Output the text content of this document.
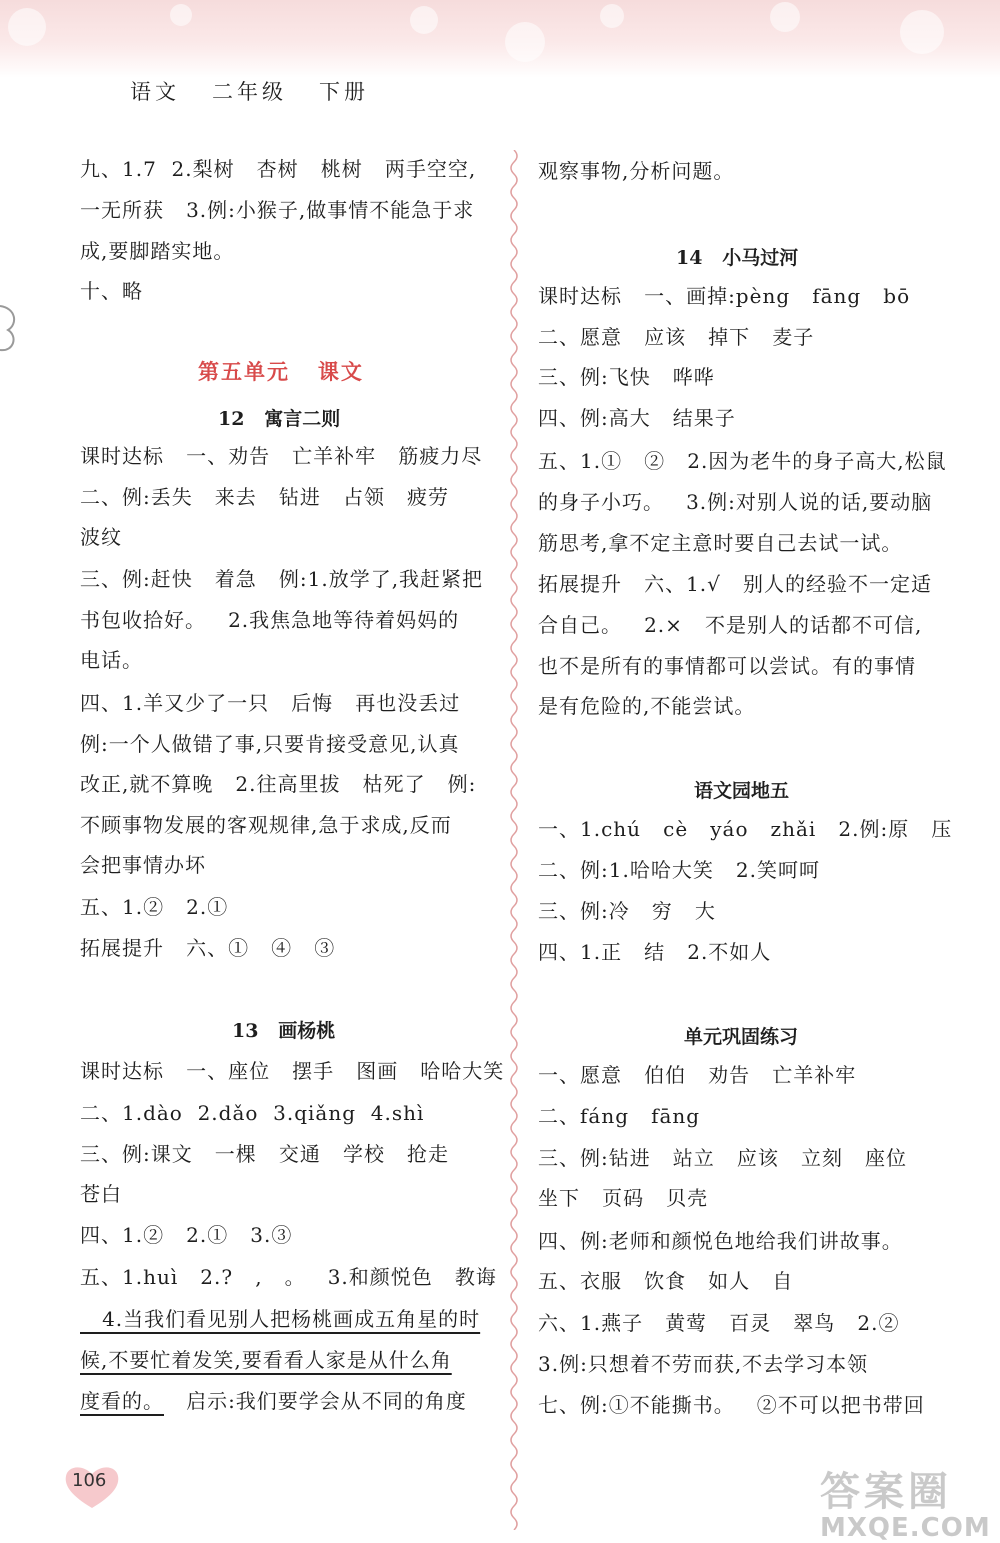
语文   二年级   下册
九、1.7  2.梨树   杏树   桃树   两手空空,
一无所获   3.例:小猴子,做事情不能急于求
成,要脚踏实地。
十、略
第五单元   课文
12   寓言二则
课时达标   一、劝告   亡羊补牢   筋疲力尽
二、例:丢失   来去   钻进   占领   疲劳
波纹
三、例:赶快   着急   例:1.放学了,我赶紧把
书包收拾好。   2.我焦急地等待着妈妈的
电话。
四、1.羊又少了一只   后悔   再也没丢过
例:一个人做错了事,只要肯接受意见,认真
改正,就不算晚   2.往高里拔   枯死了   例:
不顾事物发展的客观规律,急于求成,反而
会把事情办坏
五、1.②   2.①
拓展提升   六、①   ④   ③
13   画杨桃
课时达标   一、座位   摆手   图画   哈哈大笑
二、1.dào  2.dǎo  3.qiǎng  4.shì
三、例:课文   一棵   交通   学校   抢走
苍白
四、1.②   2.①   3.③
五、1.huì   2.?   ,   。   3.和颜悦色   教诲
4.当我们看见别人把杨桃画成五角星的时
候,不要忙着发笑,要看看人家是从什么角
度看的。   启示:我们要学会从不同的角度
观察事物,分析问题。
14   小马过河
课时达标   一、画掉:pèng   fāng   bō
二、愿意   应该   掉下   麦子
三、例:飞快   哗哗
四、例:高大   结果子
五、1.①   ②   2.因为老牛的身子高大,松鼠
的身子小巧。   3.例:对别人说的话,要动脑
筋思考,拿不定主意时要自己去试一试。
拓展提升   六、1.√   别人的经验不一定适
合自己。   2.×   不是别人的话都不可信,
也不是所有的事情都可以尝试。有的事情
是有危险的,不能尝试。
语文园地五
一、1.chú   cè   yáo   zhǎi   2.例:原   压
二、例:1.哈哈大笑   2.笑呵呵
三、例:冷   穷   大
四、1.正   结   2.不如人
单元巩固练习
一、愿意   伯伯   劝告   亡羊补牢
二、fáng   fāng
三、例:钻进   站立   应该   立刻   座位
坐下   页码   贝壳
四、例:老师和颜悦色地给我们讲故事。
五、衣服   饮食   如人   自
六、1.燕子   黄莺   百灵   翠鸟   2.②
3.例:只想着不劳而获,不去学习本领
七、例:①不能撕书。   ②不可以把书带回
106	答案圈
MXQE.COM
